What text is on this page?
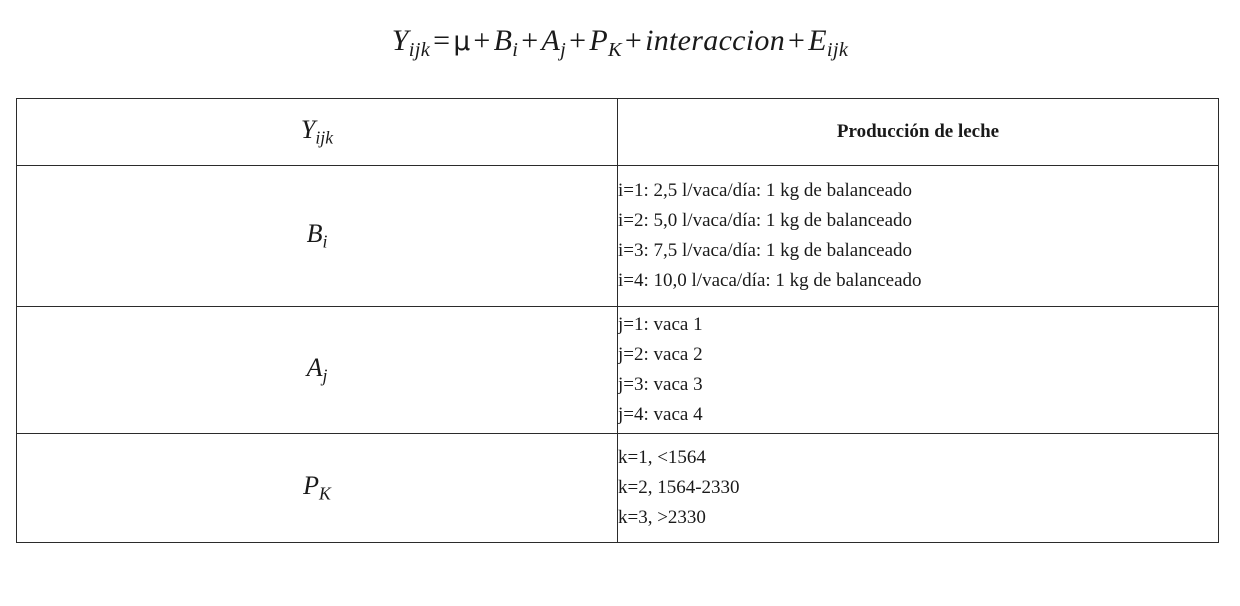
$Y_{ijk} = \mu + B_i + A_j + P_K$ + interaccion + $E_{ijk}$
$Y_{ijk}$	Producción de leche
$B_i$	i=1: 2,5 l/vaca/día: 1 kg de balanceado
i=2: 5,0 l/vaca/día: 1 kg de balanceado
i=3: 7,5 l/vaca/día: 1 kg de balanceado
i=4: 10,0 l/vaca/día: 1 kg de balanceado

$A_j$	j=1: vaca 1
j=2: vaca 2
j=3: vaca 3
j=4: vaca 4

$P_K$	k=1, <1564
k=2, 1564-2330
k=3, >2330
